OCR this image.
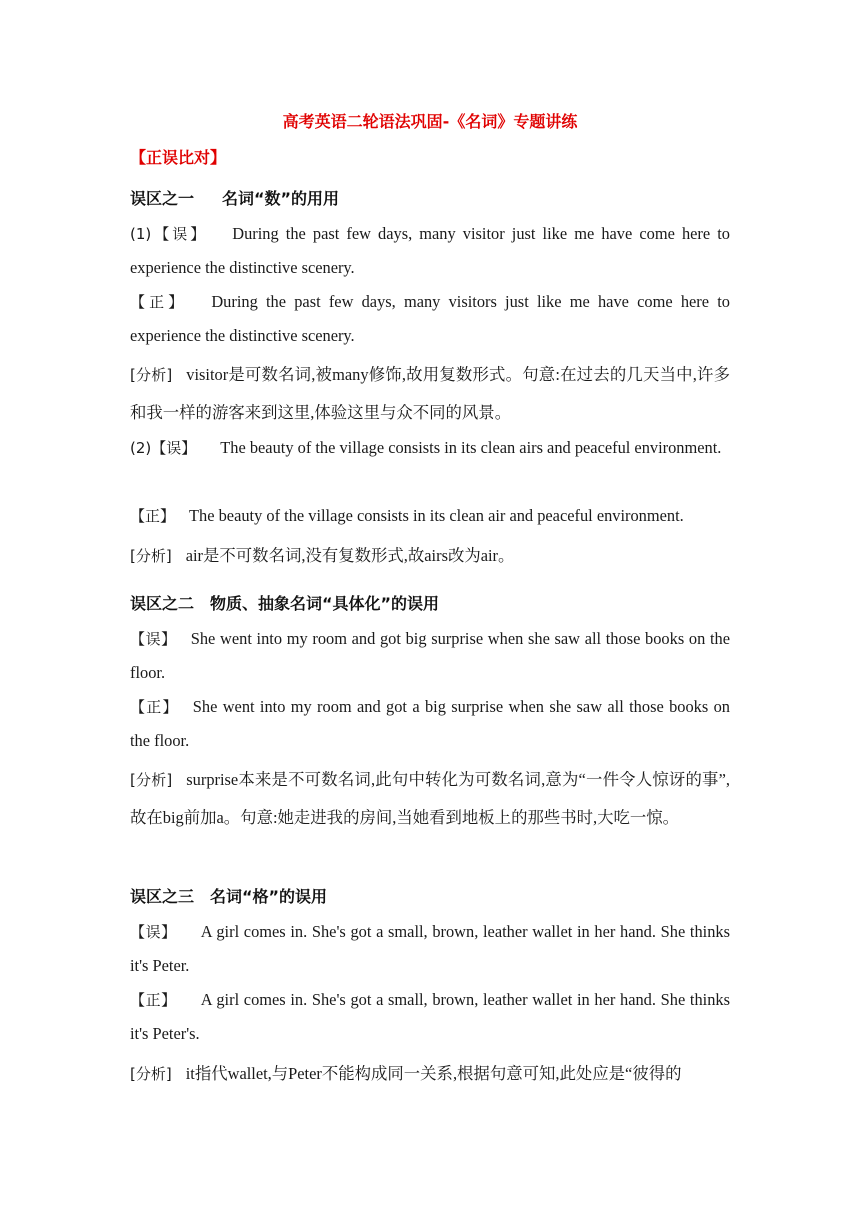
高考英语二轮语法巩固-《名词》专题讲练
【正误比对】
误区之一 名词“数”的用用
(1)【误】 During the past few days, many visitor just like me have come here to experience the distinctive scenery.
【正】 During the past few days, many visitors just like me have come here to experience the distinctive scenery.
[分析] visitor是可数名词,被many修饰,故用复数形式。句意:在过去的几天当中,许多和我一样的游客来到这里,体验这里与众不同的风景。
(2)【误】 The beauty of the village consists in its clean airs and peaceful environment.
【正】 The beauty of the village consists in its clean air and peaceful environment.
[分析] air是不可数名词,没有复数形式,故airs改为air。
误区之二 物质、抽象名词“具体化”的误用
【误】 She went into my room and got big surprise when she saw all those books on the floor.
【正】 She went into my room and got a big surprise when she saw all those books on the floor.
[分析] surprise本来是不可数名词,此句中转化为可数名词,意为“一件令人惊讶的事”,故在big前加a。句意:她走进我的房间,当她看到地板上的那些书时,大吃一惊。
误区之三 名词“格”的误用
【误】 A girl comes in. She's got a small, brown, leather wallet in her hand. She thinks it's Peter.
【正】 A girl comes in. She's got a small, brown, leather wallet in her hand. She thinks it's Peter's.
[分析] it指代wallet,与Peter不能构成同一关系,根据句意可知,此处应是“彼得的
